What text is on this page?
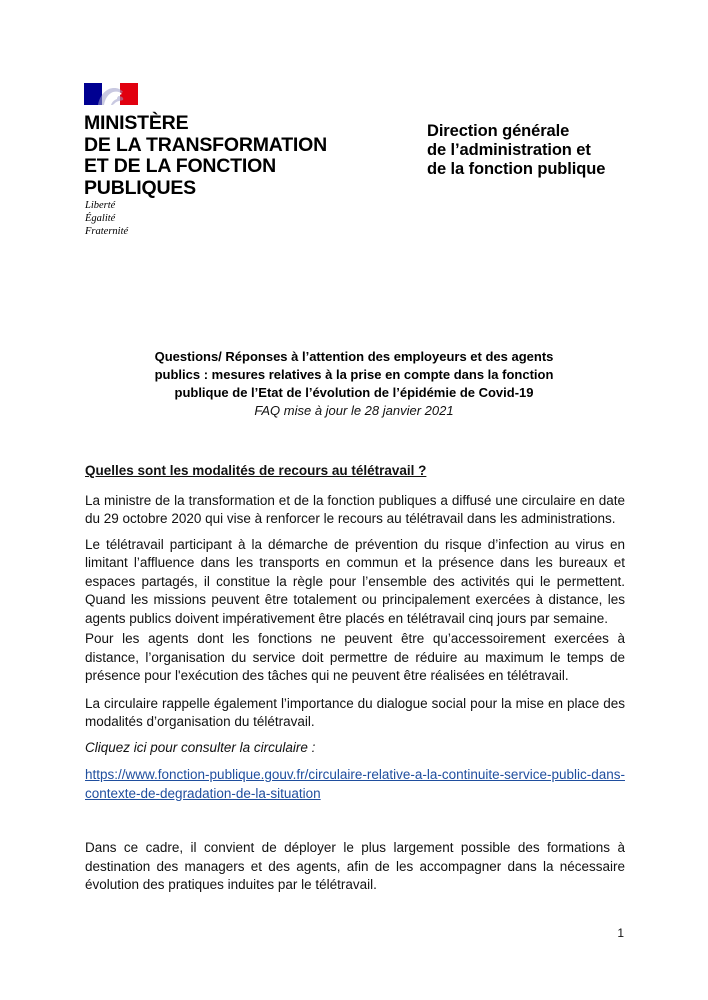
MINISTÈRE
DE LA TRANSFORMATION
ET DE LA FONCTION
PUBLIQUES
Liberté
Égalité
Fraternité
Direction générale
de l’administration et
de la fonction publique
Questions/ Réponses à l’attention des employeurs et des agents
publics : mesures relatives à la prise en compte dans la fonction
publique de l’Etat de l’évolution de l’épidémie de Covid-19
FAQ mise à jour le 28 janvier 2021

Quelles sont les modalités de recours au télétravail ?

La ministre de la transformation et de la fonction publiques a diffusé une circulaire en date du 29 octobre 2020 qui vise à renforcer le recours au télétravail dans les administrations.

Le télétravail participant à la démarche de prévention du risque d’infection au virus en limitant l’affluence dans les transports en commun et la présence dans les bureaux et espaces partagés, il constitue la règle pour l’ensemble des activités qui le permettent. Quand les missions peuvent être totalement ou principalement exercées à distance, les agents publics doivent impérativement être placés en télétravail cinq jours par semaine.

Pour les agents dont les fonctions ne peuvent être qu’accessoirement exercées à distance, l’organisation du service doit permettre de réduire au maximum le temps de présence pour l'exécution des tâches qui ne peuvent être réalisées en télétravail.

La circulaire rappelle également l’importance du dialogue social pour la mise en place des modalités d’organisation du télétravail.

Cliquez ici pour consulter la circulaire :

https://www.fonction-publique.gouv.fr/circulaire-relative-a-la-continuite-service-public-dans-contexte-de-degradation-de-la-situation

Dans ce cadre, il convient de déployer le plus largement possible des formations à destination des managers et des agents, afin de les accompagner dans la nécessaire évolution des pratiques induites par le télétravail.

1
